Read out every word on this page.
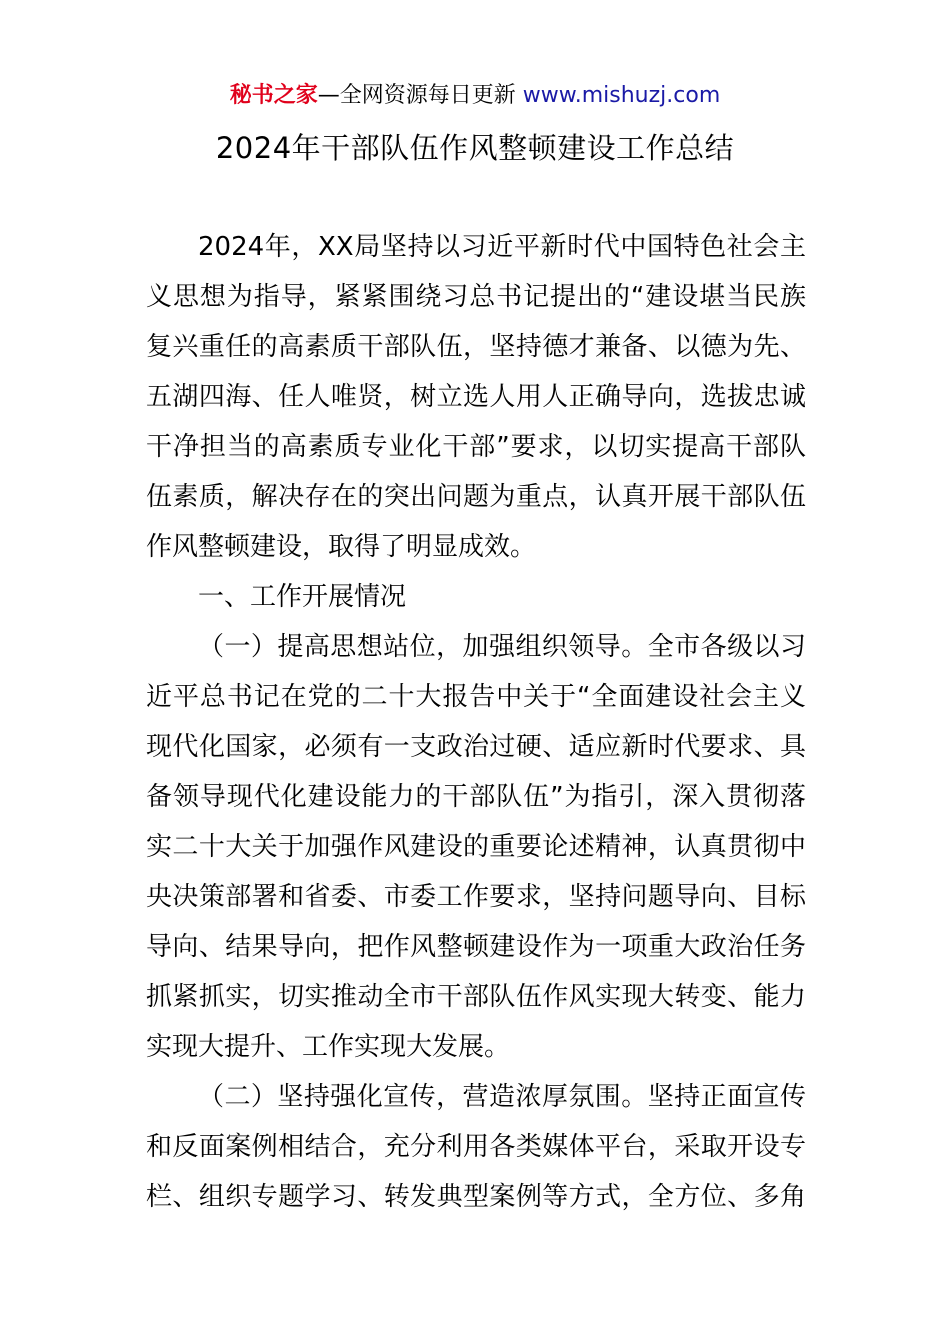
秘书之家—全网资源每日更新 www.mishuzj.com
2024年干部队伍作风整顿建设工作总结
2024年，XX局坚持以习近平新时代中国特色社会主
义思想为指导，紧紧围绕习总书记提出的“建设堪当民族
复兴重任的高素质干部队伍，坚持德才兼备、以德为先、
五湖四海、任人唯贤，树立选人用人正确导向，选拔忠诚
干净担当的高素质专业化干部”要求，以切实提高干部队
伍素质，解决存在的突出问题为重点，认真开展干部队伍
作风整顿建设，取得了明显成效。
一、工作开展情况
（一）提高思想站位，加强组织领导。全市各级以习
近平总书记在党的二十大报告中关于“全面建设社会主义
现代化国家，必须有一支政治过硬、适应新时代要求、具
备领导现代化建设能力的干部队伍”为指引，深入贯彻落
实二十大关于加强作风建设的重要论述精神，认真贯彻中
央决策部署和省委、市委工作要求，坚持问题导向、目标
导向、结果导向，把作风整顿建设作为一项重大政治任务
抓紧抓实，切实推动全市干部队伍作风实现大转变、能力
实现大提升、工作实现大发展。
（二）坚持强化宣传，营造浓厚氛围。坚持正面宣传
和反面案例相结合，充分利用各类媒体平台，采取开设专
栏、组织专题学习、转发典型案例等方式，全方位、多角
